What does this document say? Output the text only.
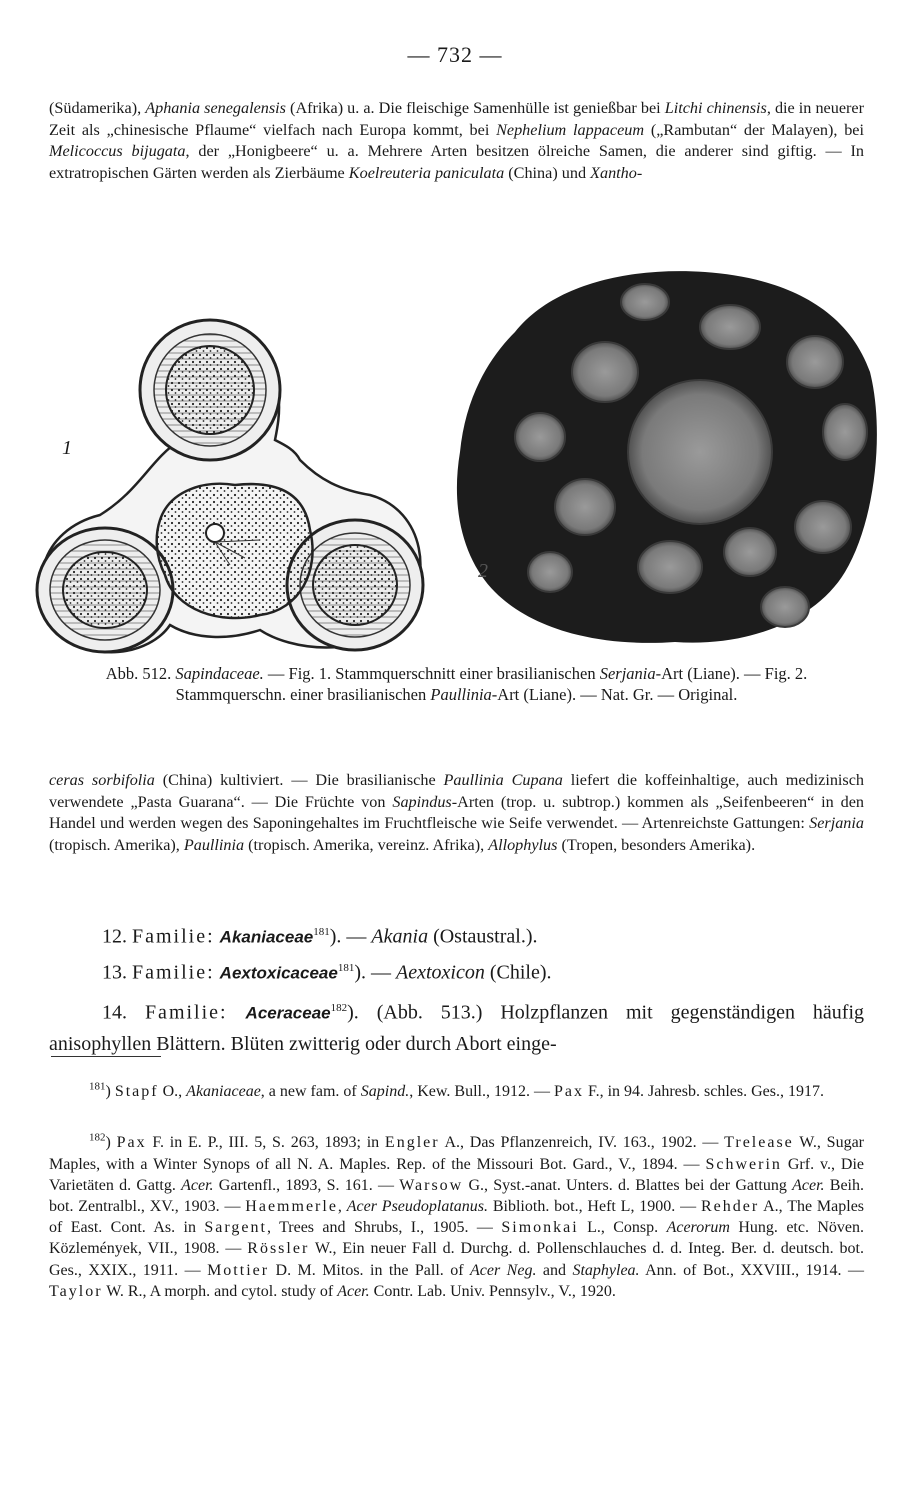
— 732 —
(Südamerika), Aphania senegalensis (Afrika) u. a. Die fleischige Samenhülle ist genießbar bei Litchi chinensis, die in neuerer Zeit als „chinesische Pflaume“ vielfach nach Europa kommt, bei Nephelium lappaceum („Rambutan“ der Malayen), bei Melicoccus bijugata, der „Honigbeere“ u. a. Mehrere Arten besitzen ölreiche Samen, die anderer sind giftig. — In extratropischen Gärten werden als Zierbäume Koelreuteria paniculata (China) und Xantho-
1
2
Abb. 512. Sapindaceae. — Fig. 1. Stammquerschnitt einer brasilianischen Serjania-Art (Liane). — Fig. 2. Stammquerschn. einer brasilianischen Paullinia-Art (Liane). — Nat. Gr. — Original.
ceras sorbifolia (China) kultiviert. — Die brasilianische Paullinia Cupana liefert die koffeinhaltige, auch medizinisch verwendete „Pasta Guarana“. — Die Früchte von Sapindus-Arten (trop. u. subtrop.) kommen als „Seifenbeeren“ in den Handel und werden wegen des Saponingehaltes im Fruchtfleische wie Seife verwendet. — Artenreichste Gattungen: Serjania (tropisch. Amerika), Paullinia (tropisch. Amerika, vereinz. Afrika), Allophylus (Tropen, besonders Amerika).
12. Familie: Akaniaceae$^{181}$). — Akania (Ostaustral.).
13. Familie: Aextoxicaceae$^{181}$). — Aextoxicon (Chile).
14. Familie: Aceraceae$^{182}$). (Abb. 513.) Holzpflanzen mit gegenständigen häufig anisophyllen Blättern. Blüten zwitterig oder durch Abort einge-
$^{181}$) Stapf O., Akaniaceae, a new fam. of Sapind., Kew. Bull., 1912. — Pax F., in 94. Jahresb. schles. Ges., 1917.
$^{182}$) Pax F. in E. P., III. 5, S. 263, 1893; in Engler A., Das Pflanzenreich, IV. 163., 1902. — Trelease W., Sugar Maples, with a Winter Synops of all N. A. Maples. Rep. of the Missouri Bot. Gard., V., 1894. — Schwerin Grf. v., Die Varietäten d. Gattg. Acer. Gartenfl., 1893, S. 161. — Warsow G., Syst.-anat. Unters. d. Blattes bei der Gattung Acer. Beih. bot. Zentralbl., XV., 1903. — Haemmerle, Acer Pseudoplatanus. Biblioth. bot., Heft L, 1900. — Rehder A., The Maples of East. Cont. As. in Sargent, Trees and Shrubs, I., 1905. — Simonkai L., Consp. Acerorum Hung. etc. Növen. Közlemények, VII., 1908. — Rössler W., Ein neuer Fall d. Durchg. d. Pollenschlauches d. d. Integ. Ber. d. deutsch. bot. Ges., XXIX., 1911. — Mottier D. M. Mitos. in the Pall. of Acer Neg. and Staphylea. Ann. of Bot., XXVIII., 1914. — Taylor W. R., A morph. and cytol. study of Acer. Contr. Lab. Univ. Pennsylv., V., 1920.
